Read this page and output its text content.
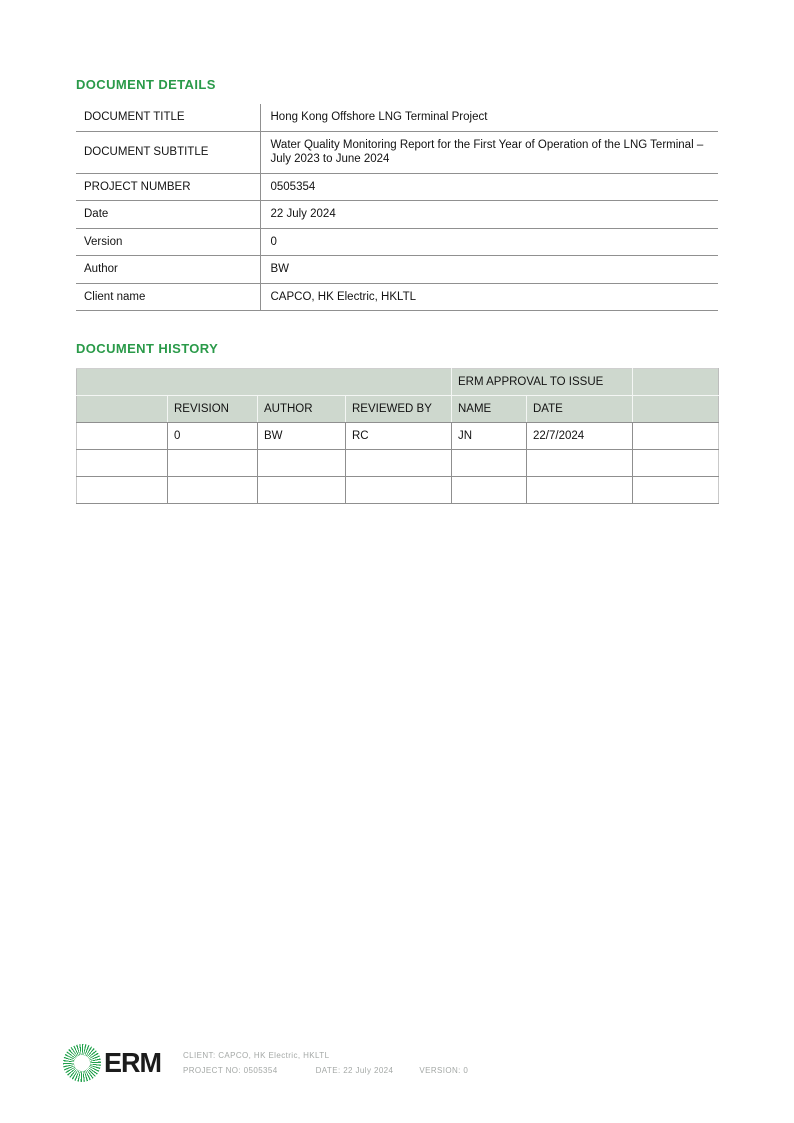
DOCUMENT DETAILS
DOCUMENT TITLE	Hong Kong Offshore LNG Terminal Project
DOCUMENT SUBTITLE	Water Quality Monitoring Report for the First Year of Operation of the LNG Terminal – July 2023 to June 2024
PROJECT NUMBER	0505354
Date	22 July 2024
Version	0
Author	BW
Client name	CAPCO, HK Electric, HKLTL
DOCUMENT HISTORY
				ERM APPROVAL TO ISSUE		
	REVISION	AUTHOR	REVIEWED BY	NAME	DATE	
	0	BW	RC	JN	22/7/2024	

ERM	CLIENT: CAPCO, HK Electric, HKLTL
PROJECT NO: 0505354	DATE: 22 July 2024	VERSION: 0
